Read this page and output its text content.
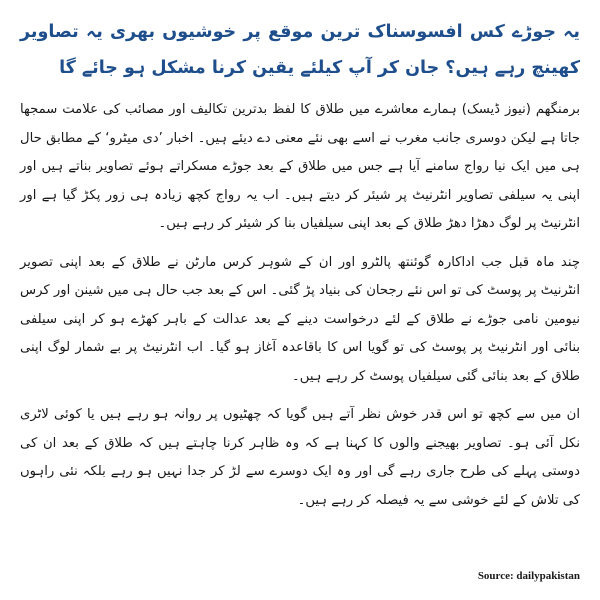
یہ جوڑے کس افسوسناک ترین موقع پر خوشیوں بھری یہ تصاویر کھینچ رہے ہیں؟ جان کر آپ کیلئے یقین کرنا مشکل ہو جائے گا

برمنگھم (نیوز ڈیسک) ہمارے معاشرے میں طلاق کا لفظ بدترین تکالیف اور مصائب کی علامت سمجھا جاتا ہے لیکن دوسری جانب مغرب نے اسے بھی نئے معنی دے دیئے ہیں۔ اخبار ’دی میٹرو‘ کے مطابق حال ہی میں ایک نیا رواج سامنے آیا ہے جس میں طلاق کے بعد جوڑے مسکراتے ہوئے تصاویر بناتے ہیں اور اپنی یہ سیلفی تصاویر انٹرنیٹ پر شیئر کر دیتے ہیں۔ اب یہ رواج کچھ زیادہ ہی زور پکڑ گیا ہے اور انٹرنیٹ پر لوگ دھڑا دھڑ طلاق کے بعد اپنی سیلفیاں بنا کر شیئر کر رہے ہیں۔

چند ماہ قبل جب اداکارہ گوئنتھ پالٹرو اور ان کے شوہر کرس مارٹن نے طلاق کے بعد اپنی تصویر انٹرنیٹ پر پوسٹ کی تو اس نئے رجحان کی بنیاد پڑ گئی۔ اس کے بعد جب حال ہی میں شینن اور کرس نیومین نامی جوڑے نے طلاق کے لئے درخواست دینے کے بعد عدالت کے باہر کھڑے ہو کر اپنی سیلفی بنائی اور انٹرنیٹ پر پوسٹ کی تو گویا اس کا باقاعدہ آغاز ہو گیا۔ اب انٹرنیٹ پر بے شمار لوگ اپنی طلاق کے بعد بنائی گئی سیلفیاں پوسٹ کر رہے ہیں۔

ان میں سے کچھ تو اس قدر خوش نظر آتے ہیں گویا کہ چھٹیوں پر روانہ ہو رہے ہیں یا کوئی لاٹری نکل آئی ہو۔ تصاویر بھیجنے والوں کا کہنا ہے کہ وہ ظاہر کرنا چاہتے ہیں کہ طلاق کے بعد ان کی دوستی پہلے کی طرح جاری رہے گی اور وہ ایک دوسرے سے لڑ کر جدا نہیں ہو رہے بلکہ نئی راہوں کی تلاش کے لئے خوشی سے یہ فیصلہ کر رہے ہیں۔

Source: dailypakistan
